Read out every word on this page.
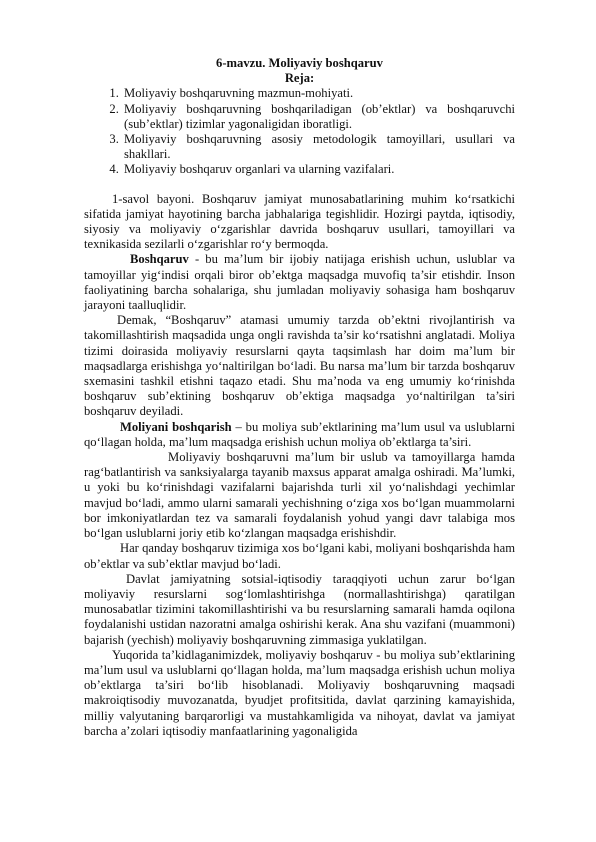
6-mavzu. Moliyaviy boshqaruv

Reja:

1. Moliyaviy boshqaruvning mazmun-mohiyati.
2. Moliyaviy boshqaruvning boshqariladigan (ob’ektlar) va boshqaruvchi (sub’ektlar) tizimlar yagonaligidan iboratligi.
3. Moliyaviy boshqaruvning asosiy metodologik tamoyillari, usullari va shakllari.
4. Moliyaviy boshqaruv organlari va ularning vazifalari.

1-savol bayoni. Boshqaruv jamiyat munosabatlarining muhim ko‘rsatkichi sifatida jamiyat hayotining barcha jabhalariga tegishlidir. Hozirgi paytda, iqtisodiy, siyosiy va moliyaviy o‘zgarishlar davrida boshqaruv usullari, tamoyillari va texnikasida sezilarli o‘zgarishlar ro‘y bermoqda.

Boshqaruv - bu ma’lum bir ijobiy natijaga erishish uchun, uslublar va tamoyillar yig‘indisi orqali biror ob’ektga maqsadga muvofiq ta’sir etishdir. Inson faoliyatining barcha sohalariga, shu jumladan moliyaviy sohasiga ham boshqaruv jarayoni taalluqlidir.

Demak, “Boshqaruv” atamasi umumiy tarzda ob’ektni rivojlantirish va takomillashtirish maqsadida unga ongli ravishda ta’sir ko‘rsatishni anglatadi. Moliya tizimi doirasida moliyaviy resurslarni qayta taqsimlash har doim ma’lum bir maqsadlarga erishishga yo‘naltirilgan bo‘ladi. Bu narsa ma’lum bir tarzda boshqaruv sxemasini tashkil etishni taqazo etadi. Shu ma’noda va eng umumiy ko‘rinishda boshqaruv sub’ektining boshqaruv ob’ektiga maqsadga yo‘naltirilgan ta’siri boshqaruv deyiladi.

Moliyani boshqarish – bu moliya sub’ektlarining ma’lum usul va uslublarni qo‘llagan holda, ma’lum maqsadga erishish uchun moliya ob’ektlarga ta’siri.

Moliyaviy boshqaruvni ma’lum bir uslub va tamoyillarga hamda rag‘batlantirish va sanksiyalarga tayanib maxsus apparat amalga oshiradi. Ma’lumki, u yoki bu ko‘rinishdagi vazifalarni bajarishda turli xil yo‘nalishdagi yechimlar mavjud bo‘ladi, ammo ularni samarali yechishning o‘ziga xos bo‘lgan muammolarni bor imkoniyatlardan tez va samarali foydalanish yohud yangi davr talabiga mos bo‘lgan uslublarni joriy etib ko‘zlangan maqsadga erishishdir.

Har qanday boshqaruv tizimiga xos bo‘lgani kabi, moliyani boshqarishda ham ob’ektlar va sub’ektlar mavjud bo‘ladi.

Davlat jamiyatning sotsial-iqtisodiy taraqqiyoti uchun zarur bo‘lgan moliyaviy resurslarni sog‘lomlashtirishga (normallashtirishga) qaratilgan munosabatlar tizimini takomillashtirishi va bu resurslarning samarali hamda oqilona foydalanishi ustidan nazoratni amalga oshirishi kerak. Ana shu vazifani (muammoni) bajarish (yechish) moliyaviy boshqaruvning zimmasiga yuklatilgan.

Yuqorida ta’kidlaganimizdek, moliyaviy boshqaruv - bu moliya sub’ektlarining ma’lum usul va uslublarni qo‘llagan holda, ma’lum maqsadga erishish uchun moliya ob’ektlarga ta’siri bo‘lib hisoblanadi. Moliyaviy boshqaruvning maqsadi makroiqtisodiy muvozanatda, byudjet profitsitida, davlat qarzining kamayishida, milliy valyutaning barqarorligi va mustahkamligida va nihoyat, davlat va jamiyat barcha a’zolari iqtisodiy manfaatlarining yagonaligida
